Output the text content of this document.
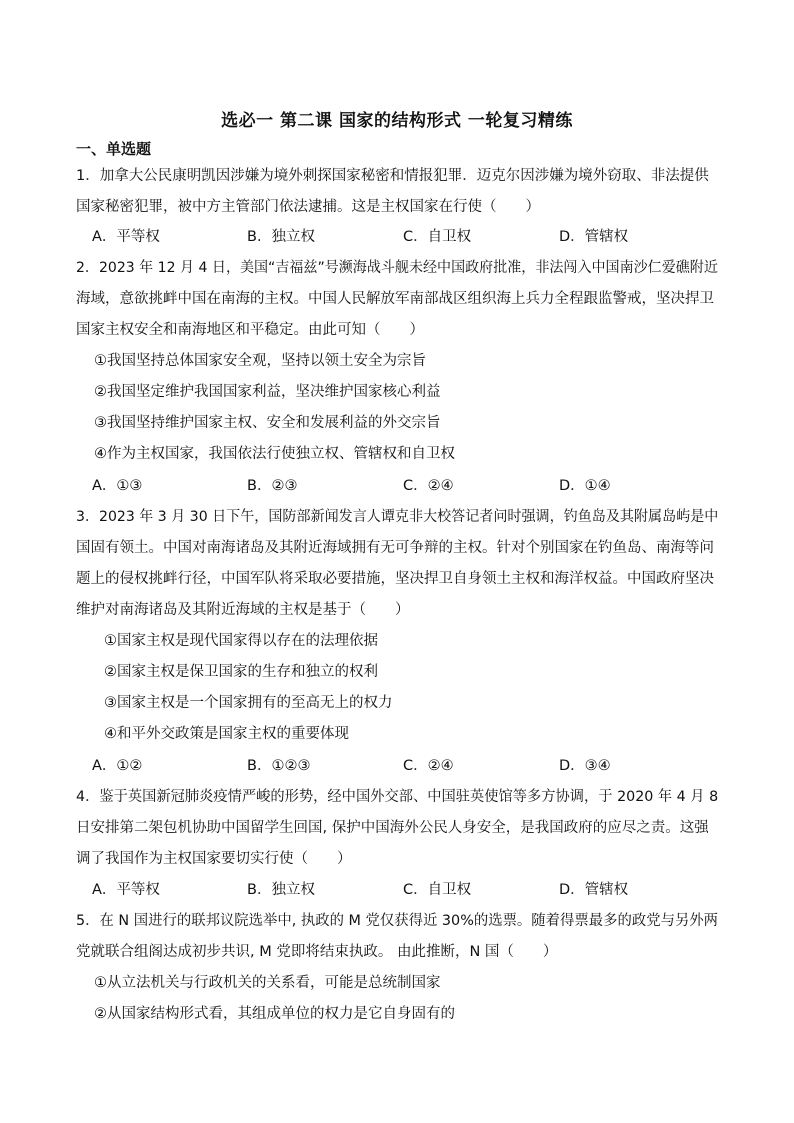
选必一 第二课 国家的结构形式 一轮复习精练
一、单选题
1．加拿大公民康明凯因涉嫌为境外刺探国家秘密和情报犯罪．迈克尔因涉嫌为境外窃取、非法提供
国家秘密犯罪，被中方主管部门依法逮捕。这是主权国家在行使（　　）
A．平等权	B．独立权	C．自卫权	D．管辖权
2．2023 年 12 月 4 日，美国“吉福兹”号濒海战斗舰未经中国政府批准，非法闯入中国南沙仁爱礁附近
海域，意欲挑衅中国在南海的主权。中国人民解放军南部战区组织海上兵力全程跟监警戒，坚决捍卫
国家主权安全和南海地区和平稳定。由此可知（　　）
①我国坚持总体国家安全观，坚持以领土安全为宗旨
②我国坚定维护我国国家利益，坚决维护国家核心利益
③我国坚持维护国家主权、安全和发展利益的外交宗旨
④作为主权国家，我国依法行使独立权、管辖权和自卫权
A．①③	B．②③	C．②④	D．①④
3．2023 年 3 月 30 日下午，国防部新闻发言人谭克非大校答记者问时强调，钓鱼岛及其附属岛屿是中
国固有领土。中国对南海诸岛及其附近海域拥有无可争辩的主权。针对个别国家在钓鱼岛、南海等问
题上的侵权挑衅行径，中国军队将采取必要措施，坚决捍卫自身领土主权和海洋权益。中国政府坚决
维护对南海诸岛及其附近海域的主权是基于（　　）
①国家主权是现代国家得以存在的法理依据
②国家主权是保卫国家的生存和独立的权利
③国家主权是一个国家拥有的至高无上的权力
④和平外交政策是国家主权的重要体现
A．①②	B．①②③	C．②④	D．③④
4．鉴于英国新冠肺炎疫情严峻的形势，经中国外交部、中国驻英使馆等多方协调，于 2020 年 4 月 8
日安排第二架包机协助中国留学生回国, 保护中国海外公民人身安全，是我国政府的应尽之责。这强
调了我国作为主权国家要切实行使（　　）
A．平等权	B．独立权	C．自卫权	D．管辖权
5．在 N 国进行的联邦议院选举中, 执政的 M 党仅获得近 30%的选票。随着得票最多的政党与另外两
党就联合组阁达成初步共识, M 党即将结束执政。 由此推断，N 国（　　）
①从立法机关与行政机关的关系看，可能是总统制国家
②从国家结构形式看，其组成单位的权力是它自身固有的
